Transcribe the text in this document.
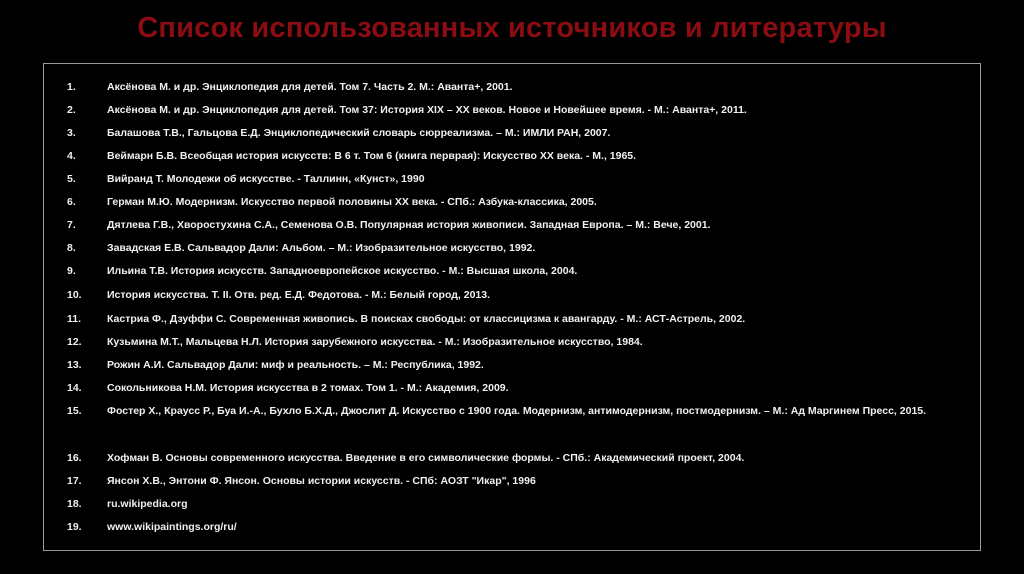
Список использованных источников и литературы
1.	Аксёнова М. и др. Энциклопедия для детей. Том 7. Часть 2. М.: Аванта+, 2001.
2.	Аксёнова М. и др. Энциклопедия для детей. Том 37: История XIX – XX веков. Новое и Новейшее время. - М.: Аванта+, 2011.
3.	Балашова Т.В., Гальцова Е.Д. Энциклопедический словарь сюрреализма. – М.: ИМЛИ РАН, 2007.
4.	Веймарн Б.В. Всеобщая история искусств: В 6 т. Том 6 (книга перврая): Искусство XX века. - М., 1965.
5.	Вийранд Т. Молодежи об искусстве. - Таллинн, «Кунст», 1990
6.	Герман М.Ю. Модернизм. Искусство первой половины XX века. - СПб.: Азбука-классика, 2005.
7.	Дятлева Г.В., Хворостухина С.А., Семенова О.В. Популярная история живописи. Западная Европа. – М.: Вече, 2001.
8.	Завадская Е.В. Сальвадор Дали: Альбом. – М.: Изобразительное искусство, 1992.
9.	Ильина Т.В. История искусств. Западноевропейское искусство. - М.: Высшая школа, 2004.
10. История искусства. Т. II. Отв. ред. Е.Д. Федотова. - М.: Белый город, 2013.
11. Кастриа Ф., Дзуффи С. Современная живопись. В поисках свободы: от классицизма к авангарду. - М.: АСТ-Астрель, 2002.
12. Кузьмина М.Т., Мальцева Н.Л. История зарубежного искусства. - М.: Изобразительное искусство, 1984.
13. Рожин А.И. Сальвадор Дали: миф и реальность. – М.: Республика, 1992.
14. Сокольникова Н.М. История искусства в 2 томах. Том 1. - М.: Академия, 2009.
15. Фостер Х., Краусс Р., Буа И.-А., Бухло Б.Х.Д., Джослит Д. Искусство с 1900 года. Модернизм, антимодернизм, постмодернизм. – М.: Ад Маргинем Пресс, 2015.
16. Хофман В. Основы современного искусства. Введение в его символические формы. - СПб.: Академический проект, 2004.
17. Янсон Х.В., Энтони Ф. Янсон. Основы истории искусств. - СПб: АОЗТ "Икар", 1996
18. ru.wikipedia.org
19. www.wikipaintings.org/ru/
